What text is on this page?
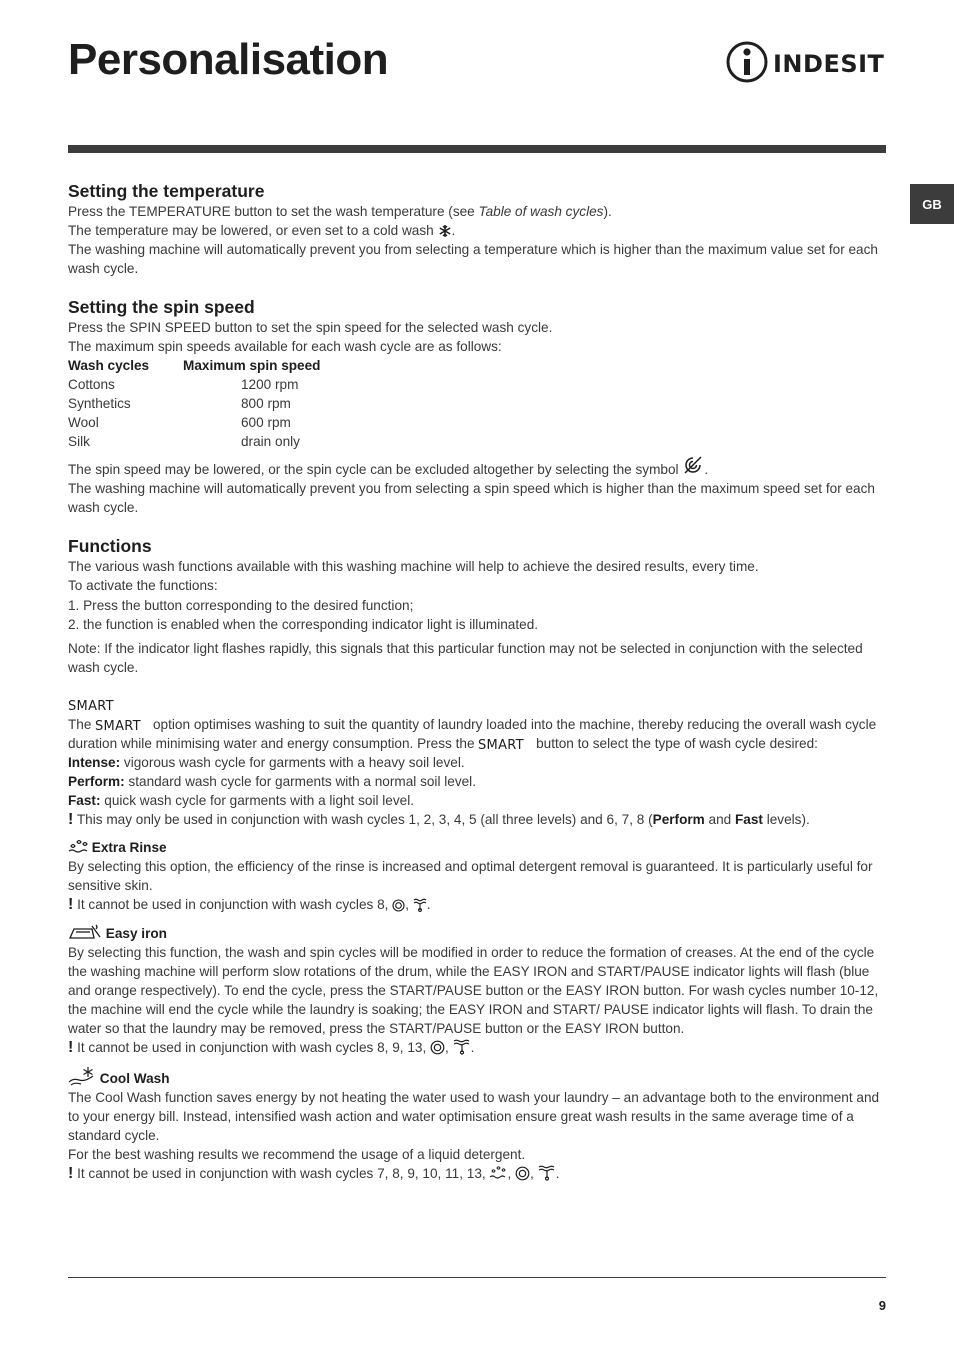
Personalisation	INDESIT
GB
Setting the temperature

Press the TEMPERATURE button to set the wash temperature (see Table of wash cycles).

The temperature may be lowered, or even set to a cold wash .

The washing machine will automatically prevent you from selecting a temperature which is higher than the maximum value set for each wash cycle.

Setting the spin speed

Press the SPIN SPEED button to set the spin speed for the selected wash cycle.

The maximum spin speeds available for each wash cycle are as follows:

Wash cycles	Maximum spin speed
Cottons	1200 rpm
Synthetics	800 rpm
Wool	600 rpm
Silk	drain only

The spin speed may be lowered, or the spin cycle can be excluded altogether by selecting the symbol .

The washing machine will automatically prevent you from selecting a spin speed which is higher than the maximum speed set for each wash cycle.

Functions

The various wash functions available with this washing machine will help to achieve the desired results, every time.

To activate the functions:

1. Press the button corresponding to the desired function;

2. the function is enabled when the corresponding indicator light is illuminated.

Note: If the indicator light flashes rapidly, this signals that this particular function may not be selected in conjunction with the selected wash cycle.

SMART

The SMART option optimises washing to suit the quantity of laundry loaded into the machine, thereby reducing the overall wash cycle duration while minimising water and energy consumption. Press the SMART button to select the type of wash cycle desired:

Intense: vigorous wash cycle for garments with a heavy soil level.

Perform: standard wash cycle for garments with a normal soil level.

Fast: quick wash cycle for garments with a light soil level.

! This may only be used in conjunction with wash cycles 1, 2, 3, 4, 5 (all three levels) and 6, 7, 8 (Perform and Fast levels).

Extra Rinse

By selecting this option, the efficiency of the rinse is increased and optimal detergent removal is guaranteed. It is particularly useful for sensitive skin.

! It cannot be used in conjunction with wash cycles 8, , .

Easy iron

By selecting this function, the wash and spin cycles will be modified in order to reduce the formation of creases. At the end of the cycle the washing machine will perform slow rotations of the drum, while the EASY IRON and START/PAUSE indicator lights will flash (blue and orange respectively). To end the cycle, press the START/PAUSE button or the EASY IRON button. For wash cycles number 10-12, the machine will end the cycle while the laundry is soaking; the EASY IRON and START/ PAUSE indicator lights will flash. To drain the water so that the laundry may be removed, press the START/PAUSE button or the EASY IRON button.

! It cannot be used in conjunction with wash cycles 8, 9, 13, , .

Cool Wash

The Cool Wash function saves energy by not heating the water used to wash your laundry – an advantage both to the environment and to your energy bill. Instead, intensified wash action and water optimisation ensure great wash results in the same average time of a standard cycle.

For the best washing results we recommend the usage of a liquid detergent.

! It cannot be used in conjunction with wash cycles 7, 8, 9, 10, 11, 13, , , .

9
